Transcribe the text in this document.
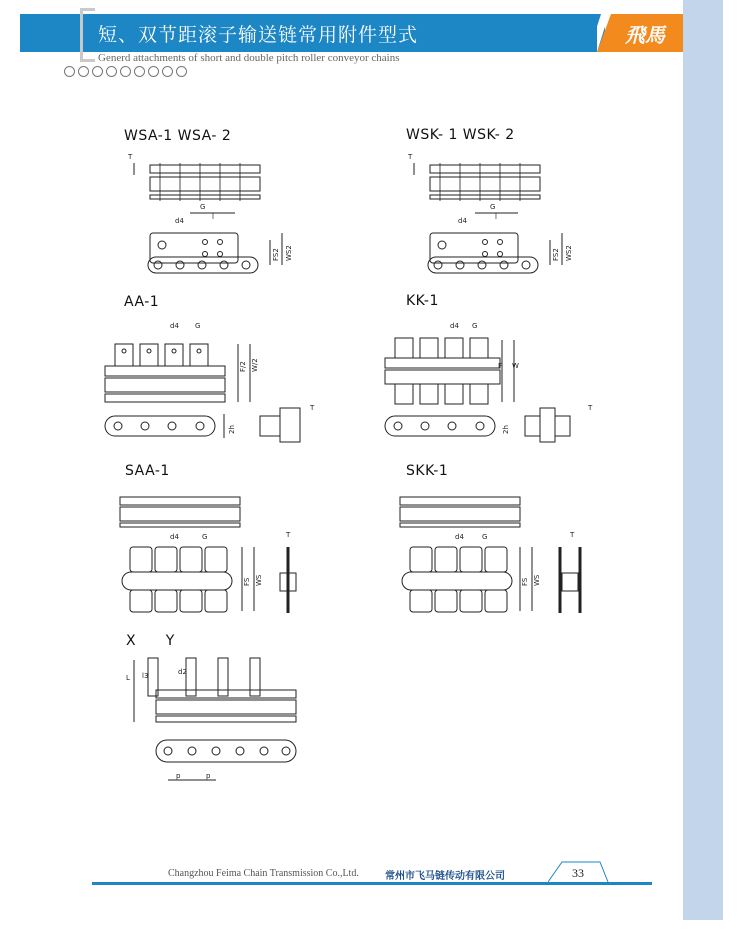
短、双节距滚子输送链常用附件型式	飛馬
Generd attachments of short and double pitch roller conveyor chains
WSA-1 WSA- 2	WSK- 1 WSK- 2
AA-1	KK-1
SAA-1	SKK-1
X      Y
T
G
d4	l
FS2 WS2
T
G
d4	l
FS2 WS2
d4 G
F/2 W/2
2h
T
d4 G
F W
2h
T
d4	G
FS WS
T	d4	G
FS WS
T
L l3	d2
p	p
Changzhou Feima Chain Transmission Co.,Ltd.	常州市飞马链传动有限公司	33
